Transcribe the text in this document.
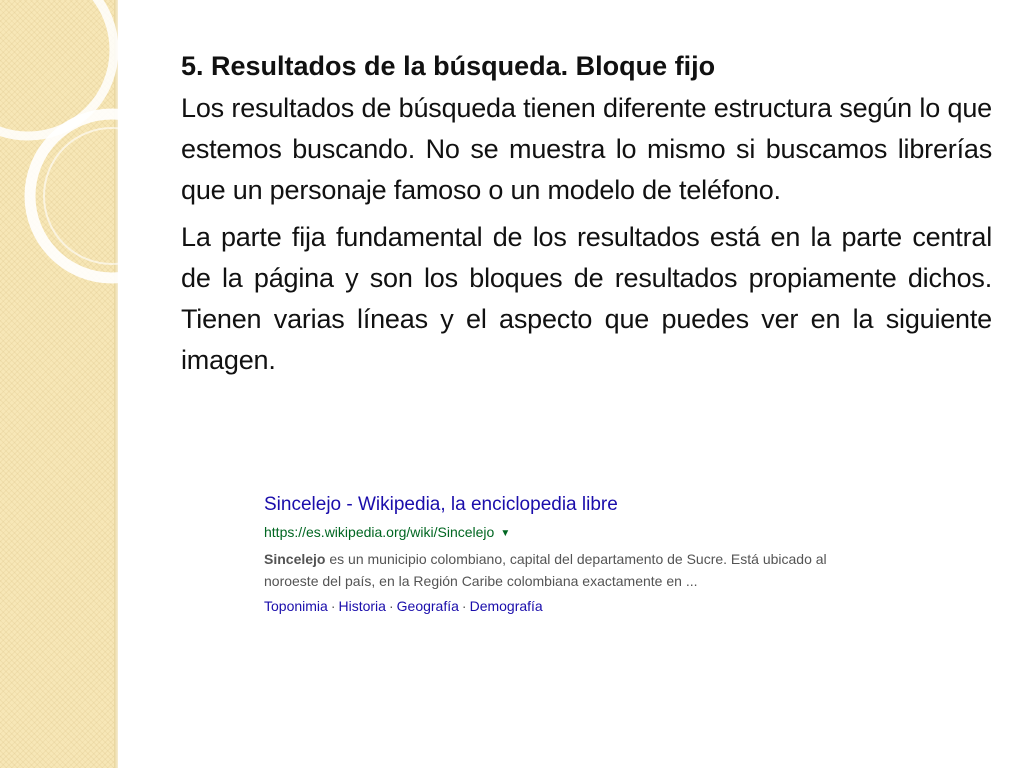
5. Resultados de la búsqueda. Bloque fijo

Los resultados de búsqueda tienen diferente estructura según lo que estemos buscando. No se muestra lo mismo si buscamos librerías que un personaje famoso o un modelo de teléfono.

La parte fija fundamental de los resultados está en la parte central de la página y son los bloques de resultados propiamente dichos. Tienen varias líneas y el aspecto que puedes ver en la siguiente imagen.

Sincelejo - Wikipedia, la enciclopedia libre
https://es.wikipedia.org/wiki/Sincelejo ▼
Sincelejo es un municipio colombiano, capital del departamento de Sucre. Está ubicado al noroeste del país, en la Región Caribe colombiana exactamente en ...
Toponimia · Historia · Geografía · Demografía
